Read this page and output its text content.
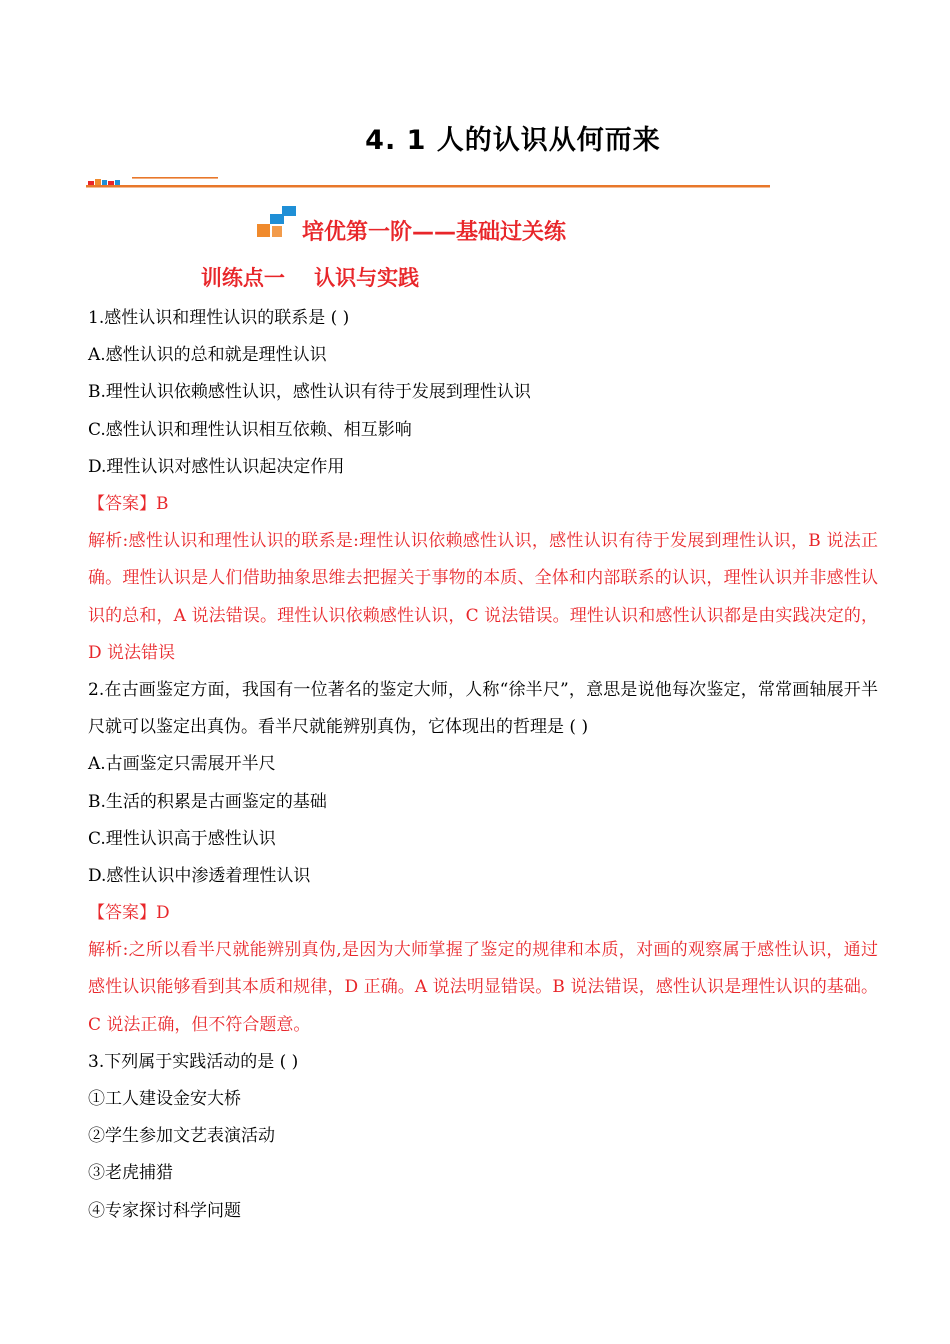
4. 1 人的认识从何而来
培优第一阶——基础过关练
训练点一    认识与实践
1.感性认识和理性认识的联系是 ( )
A.感性认识的总和就是理性认识
B.理性认识依赖感性认识，感性认识有待于发展到理性认识
C.感性认识和理性认识相互依赖、相互影响
D.理性认识对感性认识起决定作用
【答案】B
解析:感性认识和理性认识的联系是:理性认识依赖感性认识，感性认识有待于发展到理性认识，B 说法正确。理性认识是人们借助抽象思维去把握关于事物的本质、全体和内部联系的认识，理性认识并非感性认识的总和，A 说法错误。理性认识依赖感性认识，C 说法错误。理性认识和感性认识都是由实践决定的，D 说法错误
2.在古画鉴定方面，我国有一位著名的鉴定大师，人称“徐半尺”，意思是说他每次鉴定，常常画轴展开半尺就可以鉴定出真伪。看半尺就能辨别真伪，它体现出的哲理是 ( )
A.古画鉴定只需展开半尺
B.生活的积累是古画鉴定的基础
C.理性认识高于感性认识
D.感性认识中渗透着理性认识
【答案】D
解析:之所以看半尺就能辨别真伪,是因为大师掌握了鉴定的规律和本质，对画的观察属于感性认识，通过感性认识能够看到其本质和规律，D 正确。A 说法明显错误。B 说法错误，感性认识是理性认识的基础。C 说法正确，但不符合题意。
3.下列属于实践活动的是 ( )
①工人建设金安大桥
②学生参加文艺表演活动
③老虎捕猎
④专家探讨科学问题
